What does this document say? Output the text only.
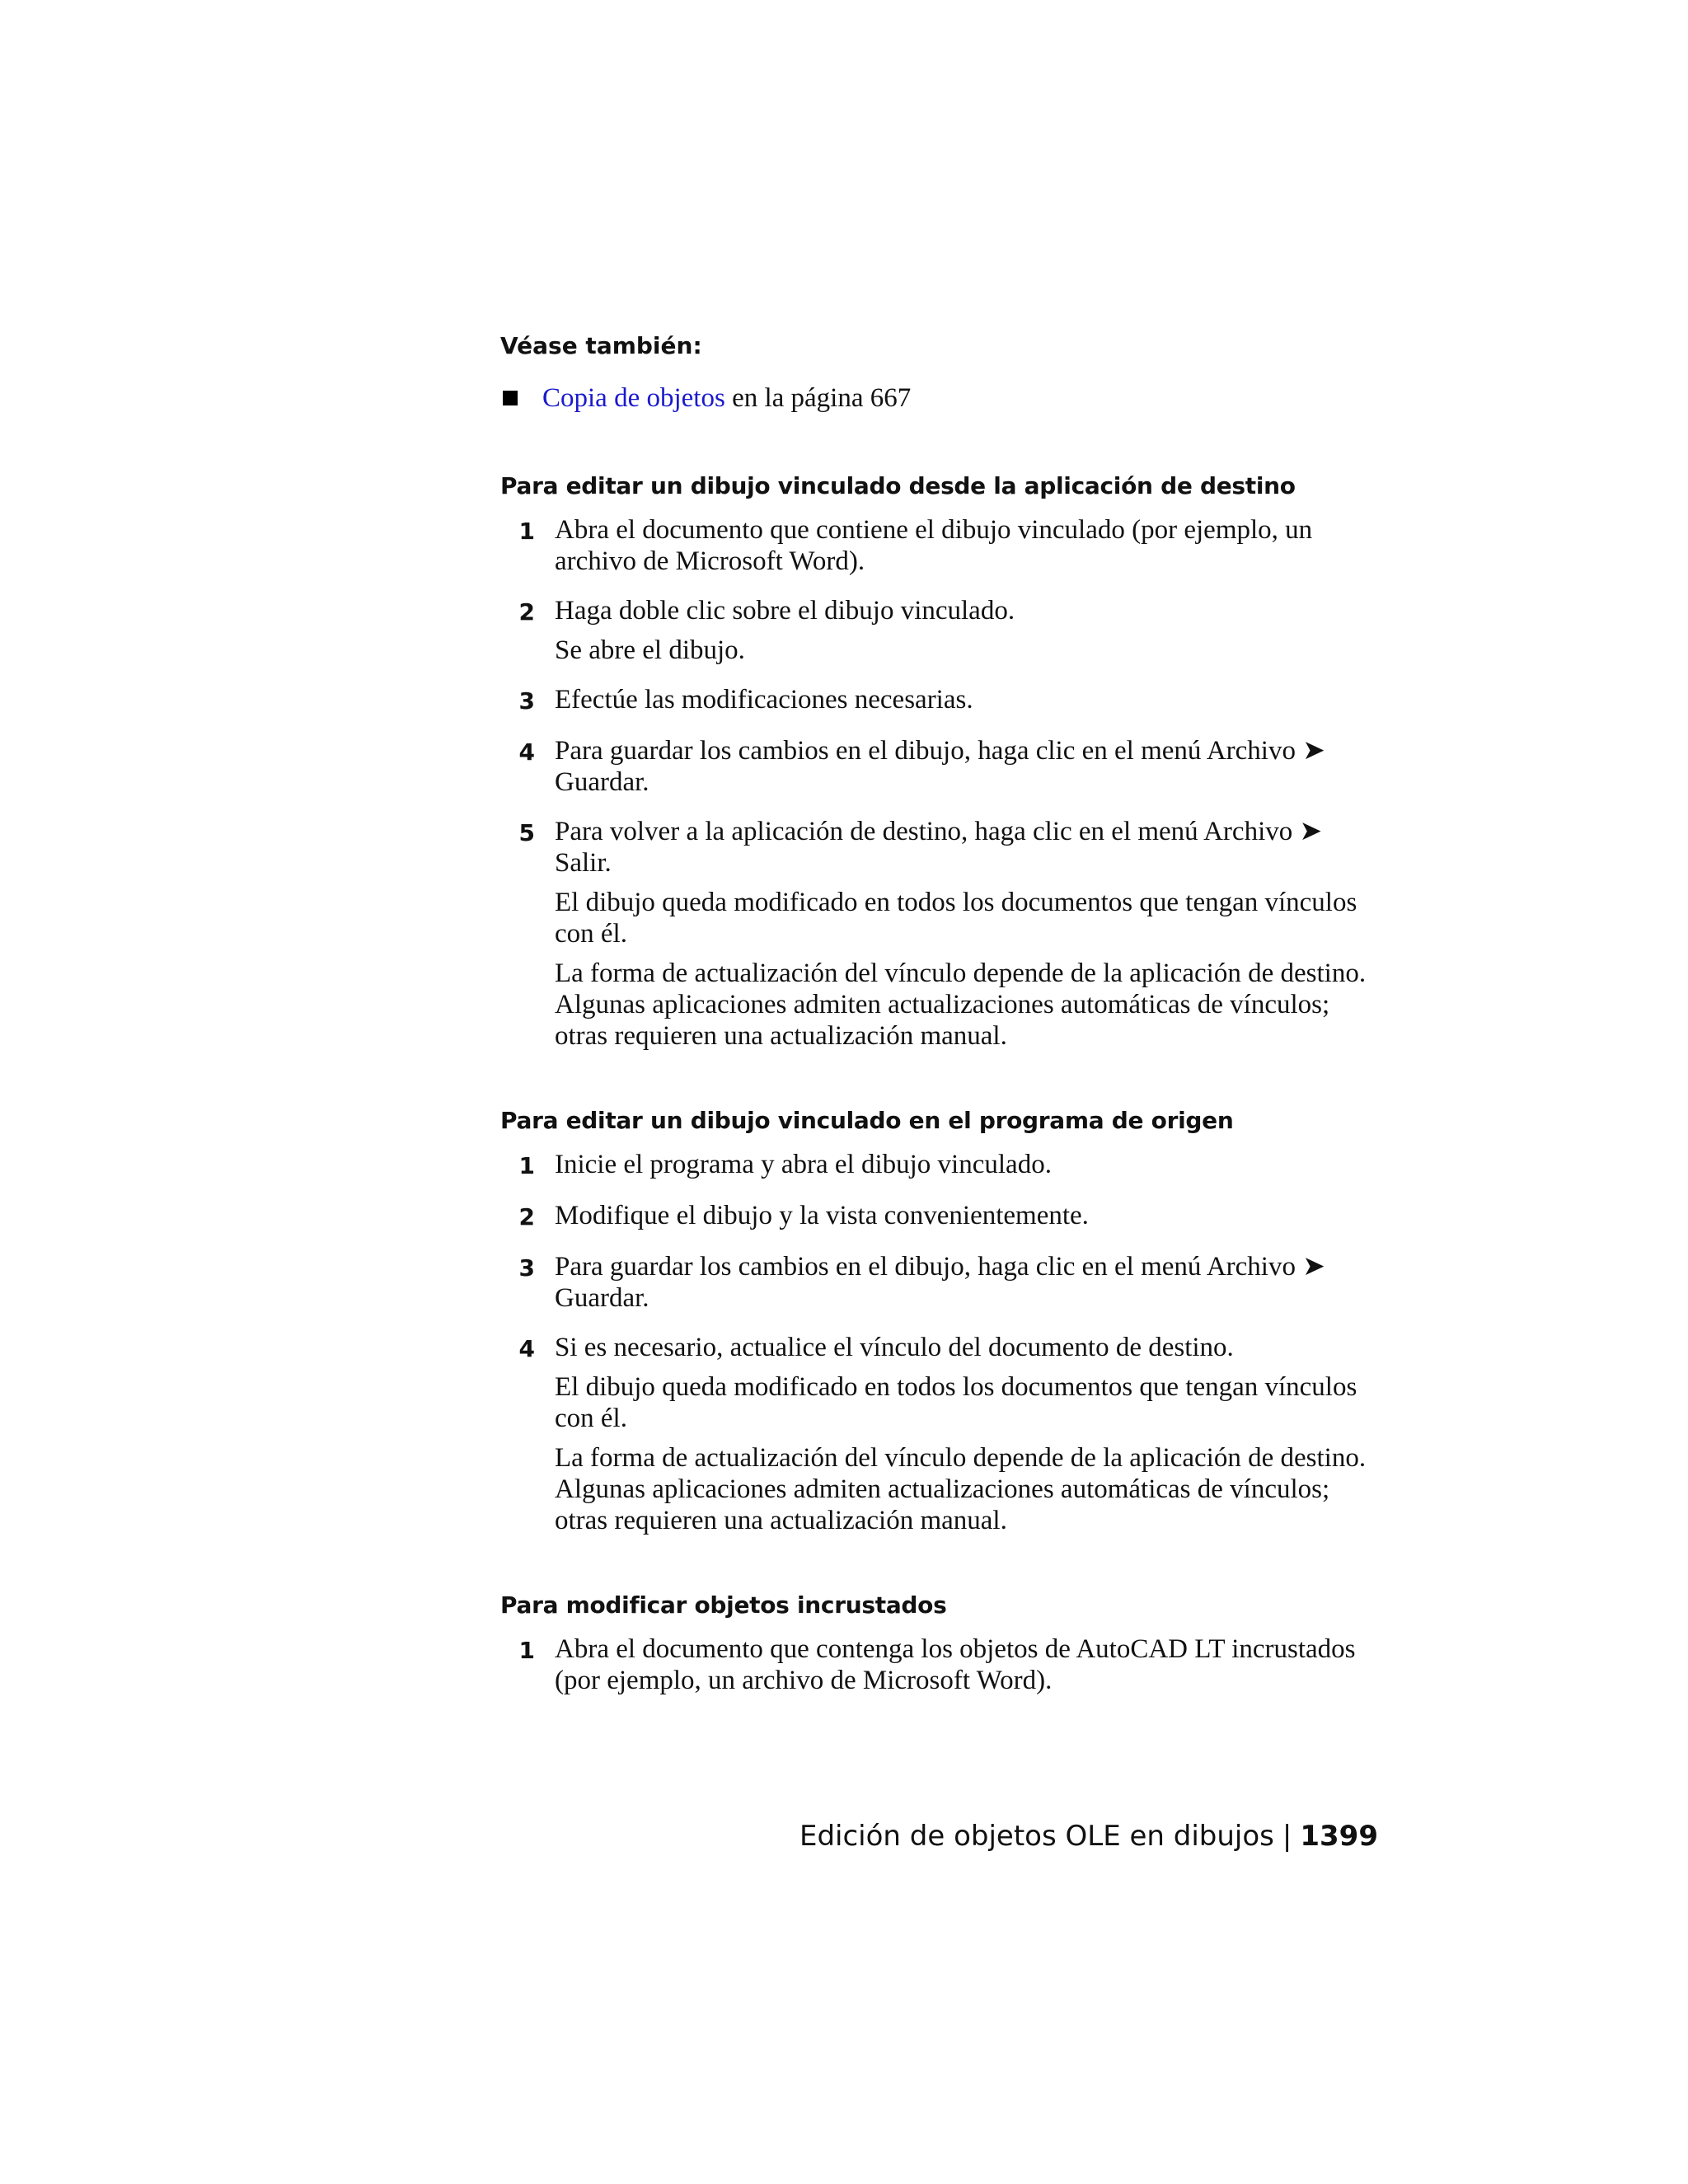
Véase también:
Copia de objetos en la página 667
Para editar un dibujo vinculado desde la aplicación de destino
1 Abra el documento que contiene el dibujo vinculado (por ejemplo, un archivo de Microsoft Word).

2 Haga doble clic sobre el dibujo vinculado.

Se abre el dibujo.

3 Efectúe las modificaciones necesarias.

4 Para guardar los cambios en el dibujo, haga clic en el menú Archivo ➤ Guardar.

5 Para volver a la aplicación de destino, haga clic en el menú Archivo ➤ Salir.

El dibujo queda modificado en todos los documentos que tengan vínculos con él.

La forma de actualización del vínculo depende de la aplicación de destino. Algunas aplicaciones admiten actualizaciones automáticas de vínculos; otras requieren una actualización manual.

Para editar un dibujo vinculado en el programa de origen
1 Inicie el programa y abra el dibujo vinculado.

2 Modifique el dibujo y la vista convenientemente.

3 Para guardar los cambios en el dibujo, haga clic en el menú Archivo ➤ Guardar.

4 Si es necesario, actualice el vínculo del documento de destino.

El dibujo queda modificado en todos los documentos que tengan vínculos con él.

La forma de actualización del vínculo depende de la aplicación de destino. Algunas aplicaciones admiten actualizaciones automáticas de vínculos; otras requieren una actualización manual.

Para modificar objetos incrustados
1 Abra el documento que contenga los objetos de AutoCAD LT incrustados (por ejemplo, un archivo de Microsoft Word).

Edición de objetos OLE en dibujos | 1399
